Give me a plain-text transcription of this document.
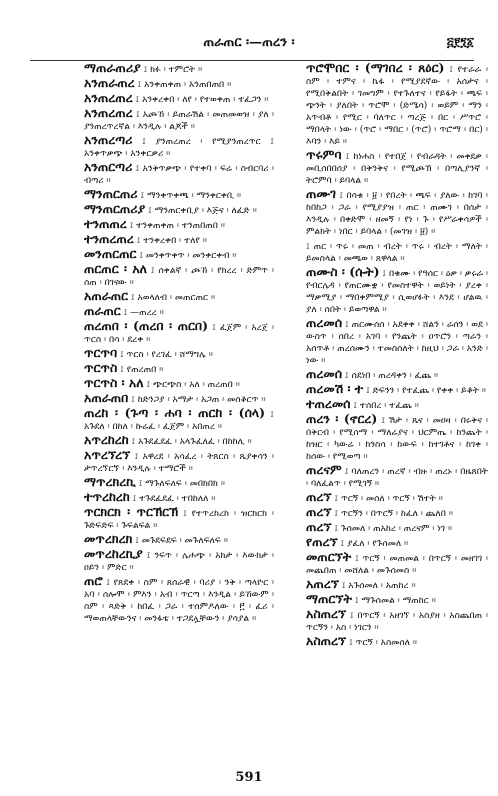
ጠራጠር ፡—ጠረን ፡	፭፻፺፩
ማጠራጠሪያ ፤ ክፉ ፡ ተምሮት ፡፡
አንጠራጠረ ፤ አንቀጠቀጠ ፡ አንጠበጠበ ፡፡
አንጠረጠረ ፤ አንቀረቀበ ፡ ለየ ፡ የተወቀጠ ፡ ተፈጋን ፡፡
አንጠረጠረ ፤ አጮኸ ፡ ይጠራሽል ፡ መጠመወዝ ፡ ያለ ፡ ያንጠረጥረኛል ፡ እንዲሉ ፡ ልጆች ፡፡
አንጠረጣሪ ፤ ያንጠረጠረ ፡ የሚያንጠረጥር ፤ አንቀጥቃጭ ፡ አንቀርቃሪ ፡፡
አንጠርጣሪ ፤ አንቅጥቃጭ ፡ የተቀባ ፡ ፍሬ ፡ ስብርባሪ ፡ ብጣሪ ፡፡
ማንጠርጠሪ ፤ ማንቀጥቀጫ ፡ ማንቀርቀቢ ፡፡
ማንጠርጠሪያ ፤ ማንጠርቀቢያ ፡ እጅና ፡ ለፈድ ፡፡
ተንጠጠረ ፤ ተንቀጠቀጠ ፡ ተንጠበጠበ ፡፡
ተንጠረጠረ ፤ ተንቀረቀበ ፡ ተለየ ፡፡
መንጠርጠር ፤ መንቀጥቀጥ ፡ መንቀርቀብ ፡፡
ጠርጠር ፡ አለ ፤ ሰቀልኛ ፡ ጮኸ ፡ የክረረ ፡ ድምጥ ፡ ሰጠ ፡ በገናው ፡፡
አጠራጠር ፤ አወላለብ ፡ መጠርጠር ፡፡
ጠራጠር ፤ —ጠረረ ፡፡
ጠረጠበ ፡ (ጠረበ ፡ ጠርበ) ፤ ፈጀም ፡ አረጀ ፡ ጥርስ ፡ በሳ ፡ ደረቀ ፡፡
ጥርጥባ ፤ ጥርስ ፡ የረገፈ ፡ ሸማግሌ ፡፡
ጥርጥስ ፤ የጠረጠበ ፡፡
ጥርጥስ ፡ አለ ፤ ጭርጭስ ፡ አለ ፡ ጠረጠበ ፡፡
አጠራጠበ ፤ ከድንጋያ ፡ አማታ ፡ አጋጠ ፡ መሰቆርጥ ፡፡
ጠረከ ፡ (ጉጣ ፡ ሐባ ፡ ጠርከ ፡ (ሰላ) ፤ አጉደለ ፡ በከለ ፡ ኩሬፈ ፡ ፈጀም ፡ አበጠረ ፡፡
አጥረከረከ ፤ አጉደፈደፈ ፡ አላጉፈለፈ ፡ በከከሊ ፡፡
አጥረኘረኘ ፤ አዋረደ ፡ አሳፈረ ፡ ትጸርስ ፡ ጼያቀሳን ፡ ታጥረኘርኘ ፡ እንዲሉ ፡ ተማሮች ፡፡
ማጥረክረኪ ፤ ማጉለፍለፍ ፡ መበክበክ ፡፡
ተጥረከረከ ፤ ተጉደፈደፈ ፡ ተበከለለ ፡፡
ጥርክርክ ፡ ጥርኽርኽ ፤ የተጥረከረከ ፡ ዝርክርክ ፡ ጉድፍድፍ ፡ ጉፍልፍል ፡፡
መጥረክረክ ፤ መጉደፍደፍ ፡ መጉለፍለፍ ፡፡
መጥረከረኪያ ፤ ንፍጥ ፡ ሌሐጭ ፡ አክታ ፡ እውክታ ፡ ዐይን ፡ ምድር ፡፡
ጠሮ ፤ የጸደቀ ፡ ስም ፡ ጸሰራዊ ፡ ባሪያ ፡ ንቅ ፡ ጣላዮር ፡ አባ ፡ ሰሎሞ ፡ ምእን ፡ አብ ፡ ጥርጣ ፡ እንዲል ፡ ይኸውም ፡ ስም ፡ ጻድቅ ፡ ከበፈ ፡ ጋራ ፡ ተሰምዶለው ፡ ፫ ፡ ፈሪ ፡ ማወጠላቸውንና ፡ መንፋቴ ፡ ተጋደሏቸውን ፡ ያሳያል ፡፡
ጥሮሞበር ፡ (ማገበረ ፡ ጸዕር) ፤ የተራራ ፡ ስም ፡ ተምና ፡ ኬፋ ፡ የሚያደኛው ፡ አሰታና ፡ የሚበቅልበት ፡ ገመግም ፡ የተጉለተና ፡ የይፋት ፡ ጫፍ ፡ ጭንት ፡ ያለበት ፡ ጥሮሞ ፡ (ድሜሳ) ፡ ወይም ፡ ማን ፡ አጥብቶ ፡ የሚር ፡ ባለጥር ፡ ጣረጅ ፡ በር ፡ ሥጥሮ ፡ ማበላት ፡ ነው ፡ (ጥሮ ፡ ማበር ፡ (ጥሮ) ፡ ጥሮማ ፡ በር) ፡ እባን ፡ እይ ፡፡
ጥሩምባ ፤ ከነሐስ ፡ የተበጀ ፡ የብራዳት ፡ መቀደቃ ፡ መቢሰበበሰያ ፡ በቅንቅና ፡ የሚጮኽ ፡ በጣሊያንኛ ፡ ትሮምባ ፡ ይባላል ፡፡
ጠሙገ ፤ በሳቁ ፡ ፱ ፡ የበረት ፡ ጫፍ ፡ ያለው ፡ ከገባ ፡ ከበከጋ ፡ ጋራ ፡ የሚያያዝ ፡ ጠር ፡ ጠሙገ ፡ በሰታ ፡ እንዲሉ ፡ በቀድሞ ፡ ዘመኝ ፡ የነ ፡ ጉ ፡ የሥራቀሳዎች ፡ ምልክት ፡ ነበር ፡ ይባላል ፡ (መገዝ ፡ ፱) ፡፡
፤ ጠር ፡ ጥሩ ፡ መጠ ፡ ብረት ፡ ጥሩ ፡ ብረት ፡ ማለት ፡ ይመስላል ፡ መጫወ ፡ ጸዋላል ፡፡
ጠሙስ ፡ (ሱት) ፤ በቁሙ ፡ የዓሰር ፡ ዕቃ ፡ ቃሩራ ፡ የብርሌዳ ፡ የጠርሙቋ ፡ የመስተዋት ፡ ወይነት ፡ ያረቀ ፡ ማቃሚያ ፡ ማበቀምሚያ ፡ ሲወሆፉት ፡ እንደ ፡ ሆልዉ ፡ ያለ ፡ ሰበት ፡ ይወጣዋል ፡፡
ጠረመሰ ፤ ጠርሙሰሰ ፡ አደቀቀ ፡ ሸልን ፡ ራሰን ፡ ወደ ፡ ውስጥ ፡ ሰበረ ፡ አገባ ፡ የንጨት ፡ ዐጥሮን ፡ ጣራን ፡ አሰጥቶ ፡ ጠረሰሙን ፡ ተመስሰለት ፡ ከዚህ ፡ ጋራ ፡ አንድ ፡ ነው ፡፡
ጠረመሰ ፤ ሰደነበ ፡ ጠረዳቀን ፡ ፈጨ ፡፡
ጠረመሽ ፡ ተ ፤ ድፍንን ፡ የተፈጨ ፡ የቀቀ ፡ ይቆት ፡፡
ተጠረመሰ ፤ ተሰበረ ፡ ተፈጨ ፡፡
ጠረን ፡ (ኖርረ) ፤ ሽታ ፡ ጼና ፡ መዐዛ ፡ በሩቅና ፡ በቅርብ ፡ የሚሰማ ፡ ማለሬያና ፡ ህርምጤ ፡ ከንጨት ፡ ከዝር ፡ ካውሬ ፡ ከንስሳ ፡ ከውፍ ፡ ከተገቶና ፡ ከገቀ ፡ ከሰው ፡ የሚወጣ ፡፡
ጠረናም ፤ ባለጠረን ፡ ጠረኛ ፡ ብዙ ፡ ጠረኑ ፡ በዜጸበት ፡ ባለፈልጥ ፡ የሚገኝ ፡፡
ጠረኘ ፤ ጥርኝ ፡ መሰለ ፡ ጥርኝ ፡ ሽተት ፡፡
ጠረኘ ፤ ጥርኝን ፡ በጥርኝ ፡ ከፈለ ፡ ጨለበ ፡፡
ጠረኘ ፤ ጉሰመለ ፡ ጠአከረ ፡ ጠረናም ፡ ነገ ፡፡
የጠረኘ ፤ ያፈለ ፡ የጉሰመለ ፡፡
መጠርኘት ፤ ጥርኝ ፡ መጠመል ፡ በጥርኝ ፡ መዘገገ ፡ መጨበጠ ፡ መሸለል ፡ መጉሰመስ ፡፡
አጠረኘ ፤ አጉሰመለ ፡ አጠከረ ፡፡
ማጠርኘት ፤ ማጉሰመል ፡ ማጠከር ፡፡
አስጠረኘ ፤ በጥርኝ ፡ አዘገኘ ፡ አስያዘ ፡ አስጨበጠ ፡ ጥርኝን ፡ አስ ፡ ነገርን ፡፡
አስጠረኘ ፤ ጥርኝ ፡ አስመሰለ ፡፡
591
